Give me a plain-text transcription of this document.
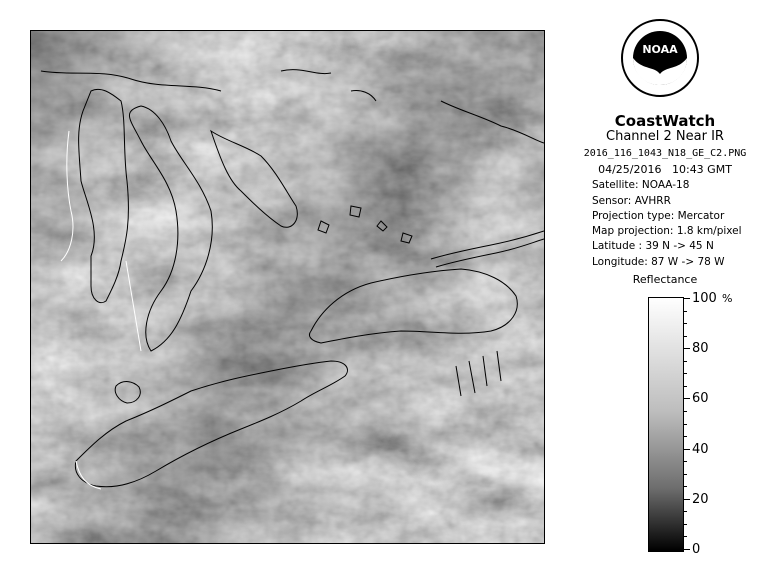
NOAA
CoastWatch
Channel 2 Near IR
2016_116_1043_N18_GE_C2.PNG
04/25/2016 10:43 GMT
Satellite: NOAA-18
Sensor: AVHRR
Projection type: Mercator
Map projection: 1.8 km/pixel
Latitude : 39 N -> 45 N
Longitude: 87 W -> 78 W
Reflectance
%
100
80
60
40
20
0
